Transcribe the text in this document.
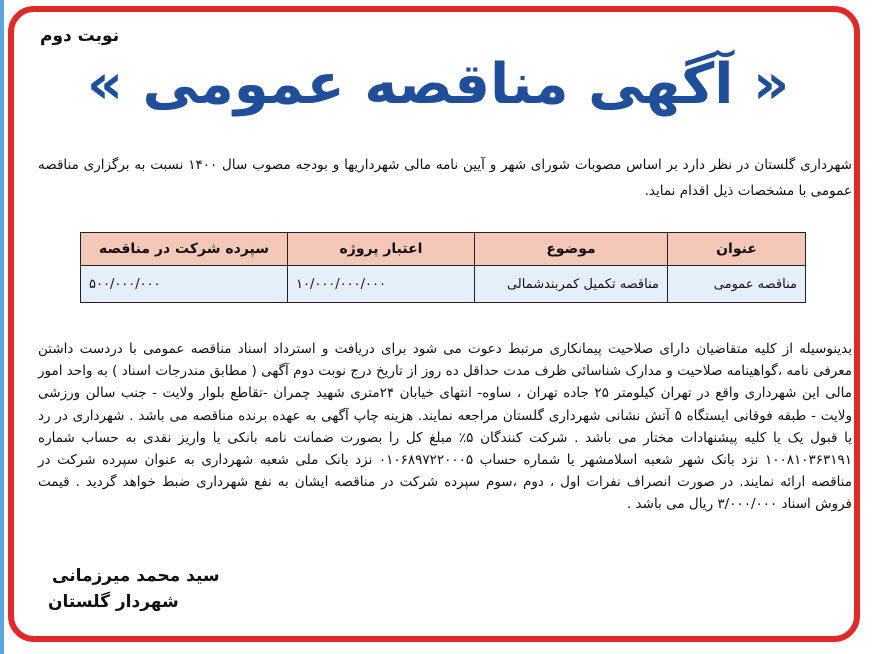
نوبت دوم
« آگهی مناقصه عمومی »
شهرداری گلستان در نظر دارد بر اساس مصوبات شورای شهر و آیین نامه مالی شهرداریها و بودجه مصوب سال ۱۴۰۰ نسبت به برگزاری مناقصه عمومی با مشخصات ذیل اقدام نماید.
عنوان	موضوع	اعتبار پروژه	سپرده شرکت در مناقصه
مناقصه عمومی	مناقصه تکمیل کمربندشمالی	۱۰/۰۰۰/۰۰۰/۰۰۰	۵۰۰/۰۰۰/۰۰۰
بدینوسیله از کلیه متقاضیان دارای صلاحیت پیمانکاری مرتبط دعوت می شود برای دریافت و استرداد اسناد مناقصه عمومی با دردست داشتن معرفی نامه ،گواهینامه صلاحیت و مدارک شناسائی ظرف مدت حداقل ده روز از تاریخ درج نوبت دوم آگهی ( مطابق مندرجات اسناد ) به واحد امور مالی این شهرداری واقع در تهران کیلومتر ۲۵ جاده تهران ، ساوه- انتهای خیابان ۲۴متری شهید چمران -تقاطع بلوار ولایت - جنب سالن ورزشی ولایت - طبقه فوقانی ایستگاه ۵ آتش نشانی شهرداری گلستان مراجعه نمایند. هزینه چاپ آگهی به عهده برنده مناقصه می باشد . شهرداری در رد یا قبول یک یا کلیه پیشنهادات مختار می باشد . شرکت کنندگان ۵٪ مبلغ کل را بصورت ضمانت نامه بانکی یا واریز نقدی به حساب شماره ۱۰۰۸۱۰۳۶۳۱۹۱ نزد بانک شهر شعبه اسلامشهر یا شماره حساب ۰۱۰۶۸۹۷۲۲۰۰۰۵ نزد بانک ملی شعبه شهرداری به عنوان سپرده شرکت در مناقصه ارائه نمایند. در صورت انصراف نفرات اول ، دوم ،سوم سپرده شرکت در مناقصه ایشان به نفع شهرداری ضبط خواهد گردید . قیمت فروش اسناد ۳/۰۰۰/۰۰۰ ریال می باشد .
سید محمد میرزمانی
شهردار گلستان
